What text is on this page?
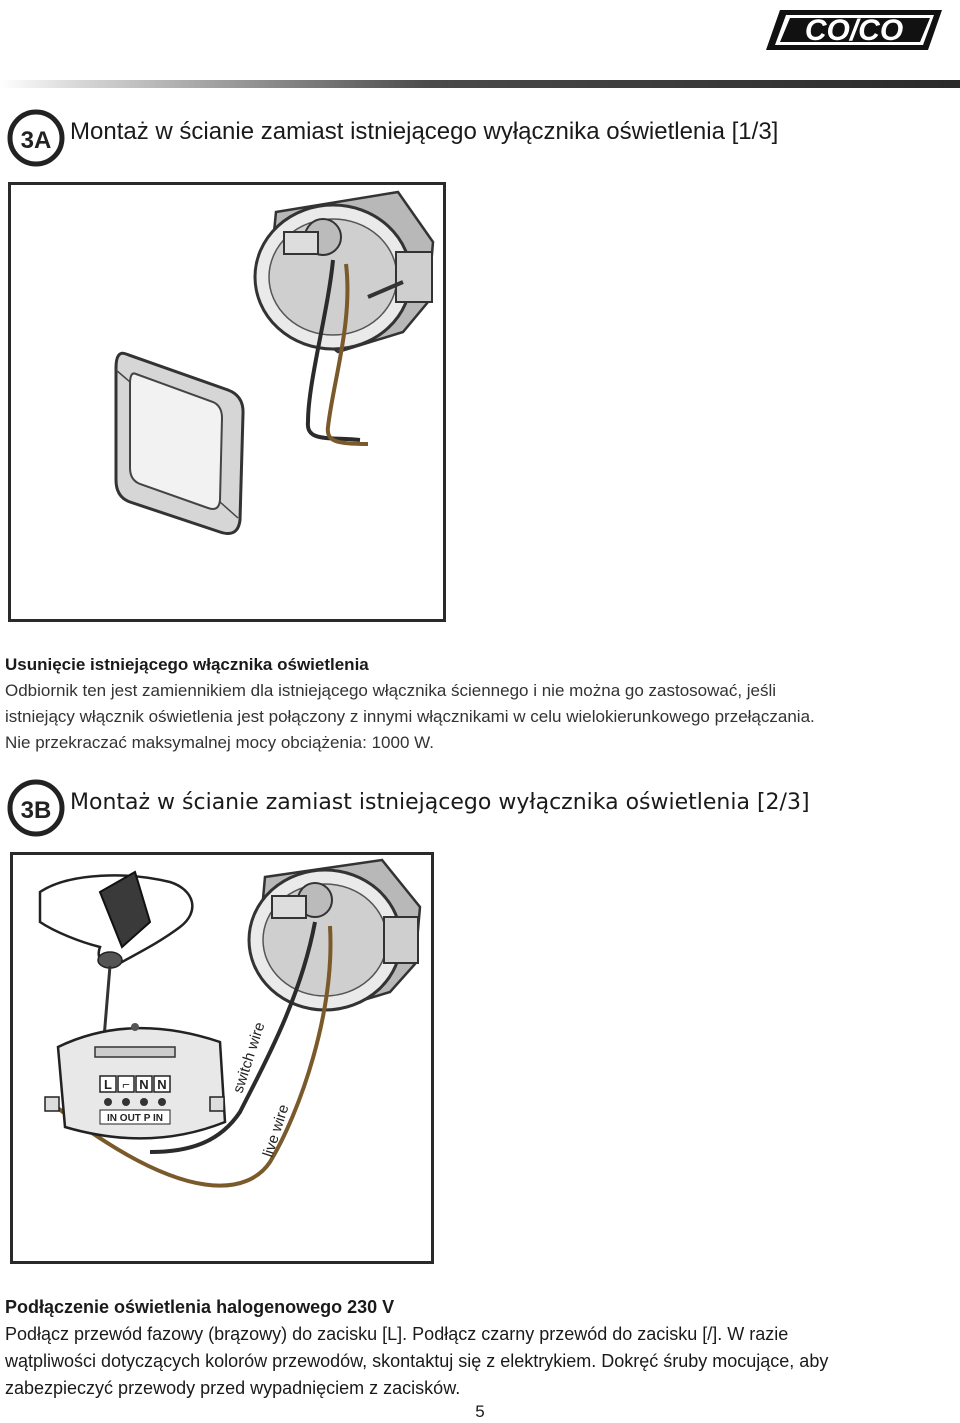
CO/CO
3A Montaż w ścianie zamiast istniejącego wyłącznika oświetlenia [1/3]

Usunięcie istniejącego włącznika oświetlenia

Odbiornik ten jest zamiennikiem dla istniejącego włącznika ściennego i nie można go zastosować, jeśli

istniejący włącznik oświetlenia jest połączony z innymi włącznikami w celu wielokierunkowego przełączania.

Nie przekraczać maksymalnej mocy obciążenia: 1000 W.

3B Montaż w ścianie zamiast istniejącego wyłącznika oświetlenia [2/3]
L ⌐ N N
IN OUT P IN
switch wire
live wire

Podłączenie oświetlenia halogenowego 230 V

Podłącz przewód fazowy (brązowy) do zacisku [L]. Podłącz czarny przewód do zacisku [/]. W razie

wątpliwości dotyczących kolorów przewodów, skontaktuj się z elektrykiem. Dokręć śruby mocujące, aby

zabezpieczyć przewody przed wypadnięciem z zacisków.

5
